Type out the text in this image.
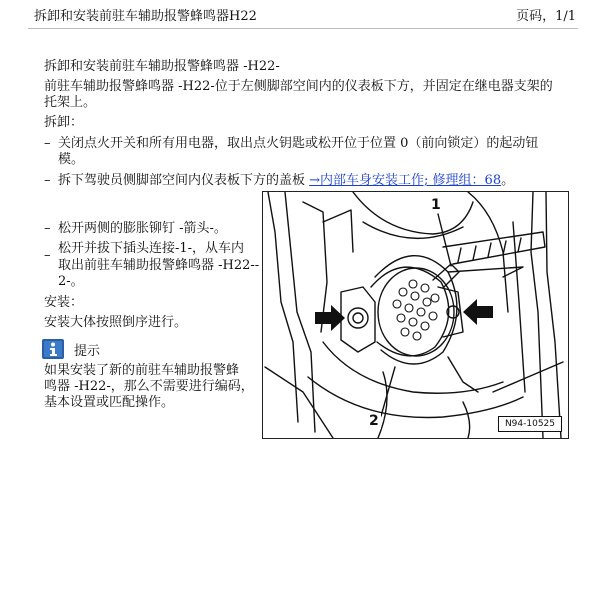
拆卸和安装前驻车辅助报警蜂鸣器H22	页码，1/1
拆卸和安装前驻车辅助报警蜂鸣器 -H22-
前驻车辅助报警蜂鸣器 -H22-位于左侧脚部空间内的仪表板下方，并固定在继电器支架的
托架上。
拆卸：
– 关闭点火开关和所有用电器，取出点火钥匙或松开位于位置 0（前向锁定）的起动钮
模。
– 拆下驾驶员侧脚部空间内仪表板下方的盖板 →内部车身安装工作; 修理组：68。
– 松开两侧的膨胀铆钉 -箭头-。
– 松开并拔下插头连接-1-，从车内
取出前驻车辅助报警蜂鸣器 -H22--
2-。
安装：
安装大体按照倒序进行。
提示
如果安装了新的前驻车辅助报警蜂
鸣器 -H22-，那么不需要进行编码，
基本设置或匹配操作。
1
2	N94-10525
